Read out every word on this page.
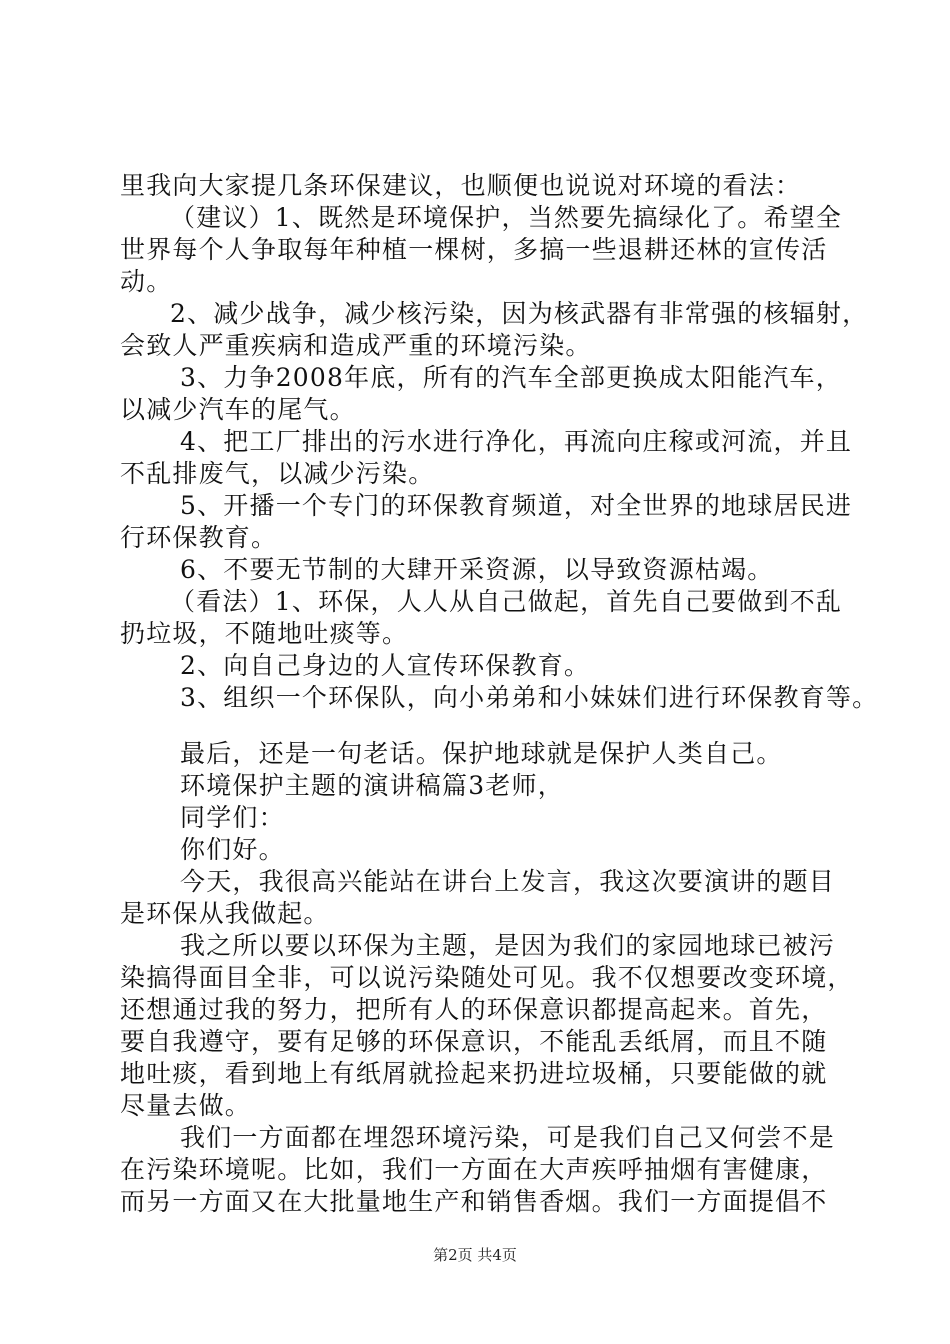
里我向大家提几条环保建议，也顺便也说说对环境的看法：
（建议）1、既然是环境保护，当然要先搞绿化了。希望全
世界每个人争取每年种植一棵树，多搞一些退耕还林的宣传活
动。
2、减少战争，减少核污染，因为核武器有非常强的核辐射，
会致人严重疾病和造成严重的环境污染。
3、力争2008年底，所有的汽车全部更换成太阳能汽车，
以减少汽车的尾气。
4、把工厂排出的污水进行净化，再流向庄稼或河流，并且
不乱排废气，以减少污染。
5、开播一个专门的环保教育频道，对全世界的地球居民进
行环保教育。
6、不要无节制的大肆开采资源，以导致资源枯竭。
（看法）1、环保，人人从自己做起，首先自己要做到不乱
扔垃圾，不随地吐痰等。
2、向自己身边的人宣传环保教育。
3、组织一个环保队，向小弟弟和小妹妹们进行环保教育等。
最后，还是一句老话。保护地球就是保护人类自己。
环境保护主题的演讲稿篇3老师，
同学们：
你们好。
今天，我很高兴能站在讲台上发言，我这次要演讲的题目
是环保从我做起。
我之所以要以环保为主题，是因为我们的家园地球已被污
染搞得面目全非，可以说污染随处可见。我不仅想要改变环境，
还想通过我的努力，把所有人的环保意识都提高起来。首先，
要自我遵守，要有足够的环保意识，不能乱丢纸屑，而且不随
地吐痰，看到地上有纸屑就捡起来扔进垃圾桶，只要能做的就
尽量去做。
我们一方面都在埋怨环境污染，可是我们自己又何尝不是
在污染环境呢。比如，我们一方面在大声疾呼抽烟有害健康，
而另一方面又在大批量地生产和销售香烟。我们一方面提倡不
第2页 共4页
